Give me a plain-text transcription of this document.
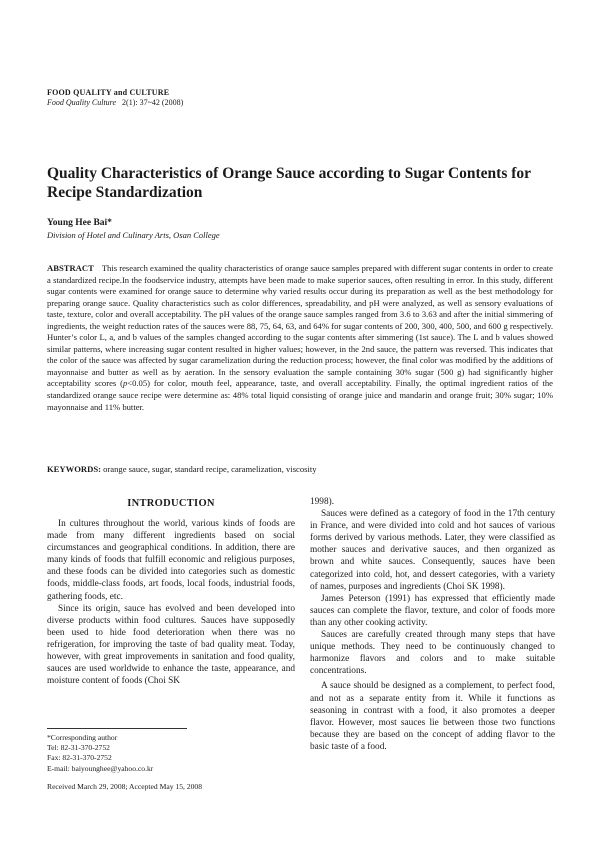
FOOD QUALITY and CULTURE
Food Quality Culture 2(1): 37~42 (2008)
Quality Characteristics of Orange Sauce according to Sugar Contents for Recipe Standardization
Young Hee Bai*
Division of Hotel and Culinary Arts, Osan College
ABSTRACT This research examined the quality characteristics of orange sauce samples prepared with different sugar contents in order to create a standardized recipe.In the foodservice industry, attempts have been made to make superior sauces, often resulting in error. In this study, different sugar contents were examined for orange sauce to determine why varied results occur during its preparation as well as the best methodology for preparing orange sauce. Quality characteristics such as color differences, spreadability, and pH were analyzed, as well as sensory evaluations of taste, texture, color and overall acceptability. The pH values of the orange sauce samples ranged from 3.6 to 3.63 and after the initial simmering of ingredients, the weight reduction rates of the sauces were 88, 75, 64, 63, and 64% for sugar contents of 200, 300, 400, 500, and 600 g respectively. Hunter’s color L, a, and b values of the samples changed according to the sugar contents after simmering (1st sauce). The L and b values showed similar patterns, where increasing sugar content resulted in higher values; however, in the 2nd sauce, the pattern was reversed. This indicates that the color of the sauce was affected by sugar caramelization during the reduction process; however, the final color was modified by the additions of mayonnaise and butter as well as by aeration. In the sensory evaluation the sample containing 30% sugar (500 g) had significantly higher acceptability scores (p<0.05) for color, mouth feel, appearance, taste, and overall acceptability. Finally, the optimal ingredient ratios of the standardized orange sauce recipe were determine as: 48% total liquid consisting of orange juice and mandarin and orange fruit; 30% sugar; 10% mayonnaise and 11% butter.
KEYWORDS: orange sauce, sugar, standard recipe, caramelization, viscosity
INTRODUCTION

In cultures throughout the world, various kinds of foods are made from many different ingredients based on social circumstances and geographical conditions. In addition, there are many kinds of foods that fulfill economic and religious purposes, and these foods can be divided into categories such as domestic foods, middle-class foods, art foods, local foods, industrial foods, gathering foods, etc.

Since its origin, sauce has evolved and been developed into diverse products within food cultures. Sauces have supposedly been used to hide food deterioration when there was no refrigeration, for improving the taste of bad quality meat. Today, however, with great improvements in sanitation and food quality, sauces are used worldwide to enhance the taste, appearance, and moisture content of foods (Choi SK

1998).

Sauces were defined as a category of food in the 17th century in France, and were divided into cold and hot sauces of various forms derived by various methods. Later, they were classified as mother sauces and derivative sauces, and then organized as brown and white sauces. Consequently, sauces have been categorized into cold, hot, and dessert categories, with a variety of names, purposes and ingredients (Choi SK 1998).

James Peterson (1991) has expressed that efficiently made sauces can complete the flavor, texture, and color of foods more than any other cooking activity.

Sauces are carefully created through many steps that have unique methods. They need to be continuously changed to harmonize flavors and colors and to make suitable concentrations.

A sauce should be designed as a complement, to perfect food, and not as a separate entity from it. While it functions as seasoning in contrast with a food, it also promotes a deeper flavor. However, most sauces lie between those two functions because they are based on the concept of adding flavor to the basic taste of a food.

*Corresponding author
Tel: 82-31-370-2752
Fax: 82-31-370-2752
E-mail: baiyounghee@yahoo.co.kr
Received March 29, 2008; Accepted May 15, 2008
